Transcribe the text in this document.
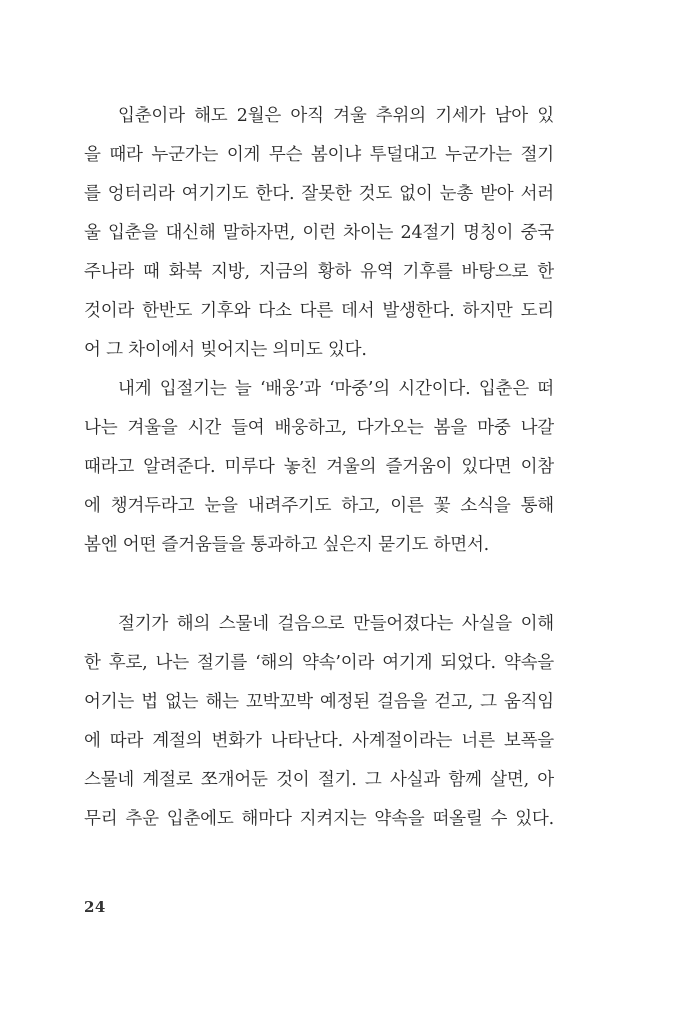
입춘이라 해도 2월은 아직 겨울 추위의 기세가 남아 있
을 때라 누군가는 이게 무슨 봄이냐 투덜대고 누군가는 절기
를 엉터리라 여기기도 한다. 잘못한 것도 없이 눈총 받아 서러
울 입춘을 대신해 말하자면, 이런 차이는 24절기 명칭이 중국
주나라 때 화북 지방, 지금의 황하 유역 기후를 바탕으로 한
것이라 한반도 기후와 다소 다른 데서 발생한다. 하지만 도리
어 그 차이에서 빚어지는 의미도 있다.
내게 입절기는 늘 ‘배웅’과 ‘마중’의 시간이다. 입춘은 떠
나는 겨울을 시간 들여 배웅하고, 다가오는 봄을 마중 나갈
때라고 알려준다. 미루다 놓친 겨울의 즐거움이 있다면 이참
에 챙겨두라고 눈을 내려주기도 하고, 이른 꽃 소식을 통해
봄엔 어떤 즐거움들을 통과하고 싶은지 묻기도 하면서.
절기가 해의 스물네 걸음으로 만들어졌다는 사실을 이해
한 후로, 나는 절기를 ‘해의 약속’이라 여기게 되었다. 약속을
어기는 법 없는 해는 꼬박꼬박 예정된 걸음을 걷고, 그 움직임
에 따라 계절의 변화가 나타난다. 사계절이라는 너른 보폭을
스물네 계절로 쪼개어둔 것이 절기. 그 사실과 함께 살면, 아
무리 추운 입춘에도 해마다 지켜지는 약속을 떠올릴 수 있다.
24
